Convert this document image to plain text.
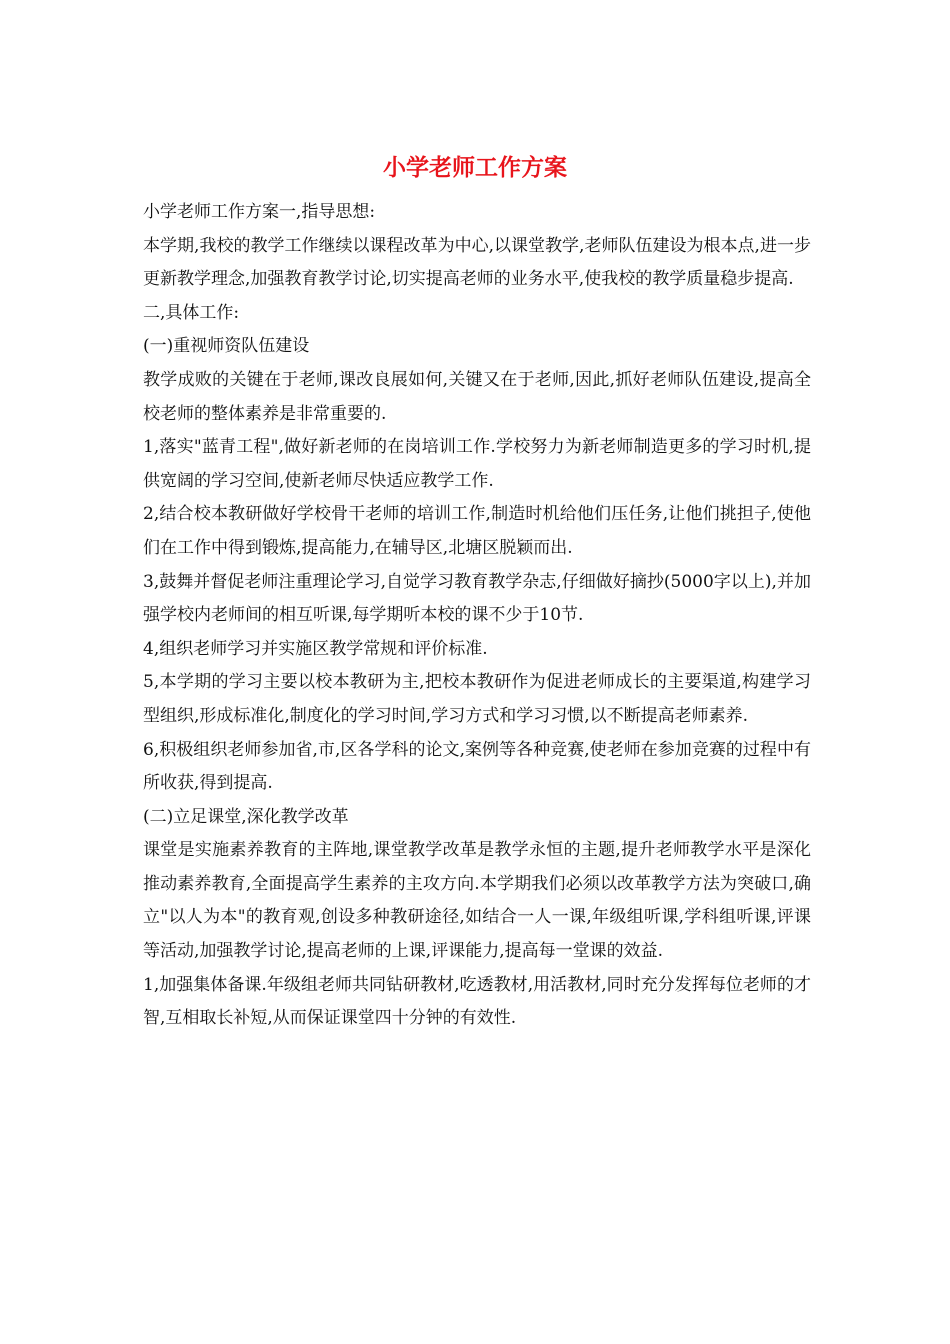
小学老师工作方案

小学老师工作方案一,指导思想:

本学期,我校的教学工作继续以课程改革为中心,以课堂教学,老师队伍建设为根本点,进一步更新教学理念,加强教育教学讨论,切实提高老师的业务水平,使我校的教学质量稳步提高.

二,具体工作:

(一)重视师资队伍建设

教学成败的关键在于老师,课改良展如何,关键又在于老师,因此,抓好老师队伍建设,提高全校老师的整体素养是非常重要的.

1,落实"蓝青工程",做好新老师的在岗培训工作.学校努力为新老师制造更多的学习时机,提供宽阔的学习空间,使新老师尽快适应教学工作.

2,结合校本教研做好学校骨干老师的培训工作,制造时机给他们压任务,让他们挑担子,使他们在工作中得到锻炼,提高能力,在辅导区,北塘区脱颖而出.

3,鼓舞并督促老师注重理论学习,自觉学习教育教学杂志,仔细做好摘抄(5000字以上),并加强学校内老师间的相互听课,每学期听本校的课不少于10节.

4,组织老师学习并实施区教学常规和评价标准.

5,本学期的学习主要以校本教研为主,把校本教研作为促进老师成长的主要渠道,构建学习型组织,形成标准化,制度化的学习时间,学习方式和学习习惯,以不断提高老师素养.

6,积极组织老师参加省,市,区各学科的论文,案例等各种竞赛,使老师在参加竞赛的过程中有所收获,得到提高.

(二)立足课堂,深化教学改革

课堂是实施素养教育的主阵地,课堂教学改革是教学永恒的主题,提升老师教学水平是深化推动素养教育,全面提高学生素养的主攻方向.本学期我们必须以改革教学方法为突破口,确立"以人为本"的教育观,创设多种教研途径,如结合一人一课,年级组听课,学科组听课,评课等活动,加强教学讨论,提高老师的上课,评课能力,提高每一堂课的效益.

1,加强集体备课.年级组老师共同钻研教材,吃透教材,用活教材,同时充分发挥每位老师的才智,互相取长补短,从而保证课堂四十分钟的有效性.
